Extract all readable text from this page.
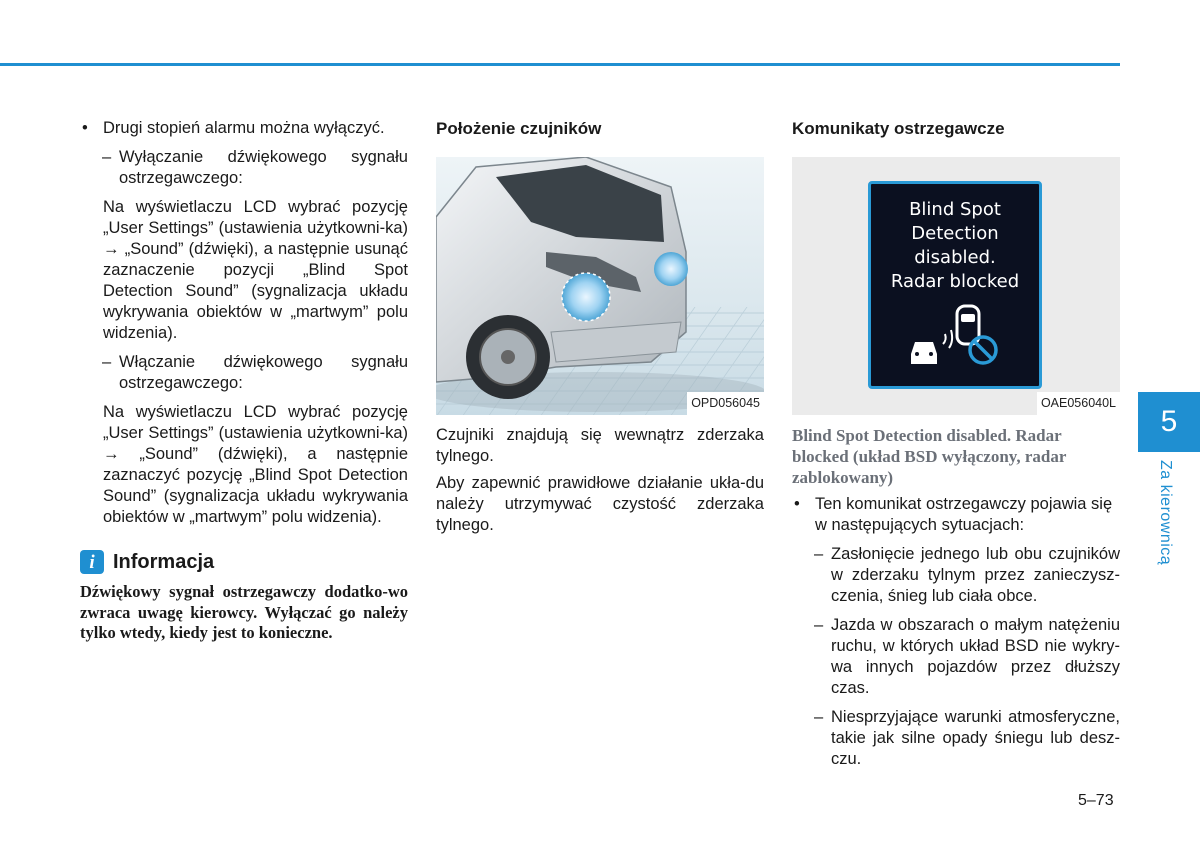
• Drugi stopień alarmu można wyłączyć.
– Wyłączanie dźwiękowego sygnału ostrzegawczego:
Na wyświetlaczu LCD wybrać pozycję „User Settings” (ustawienia użytkowni-ka) → „Sound” (dźwięki), a następnie usunąć zaznaczenie pozycji „Blind Spot Detection Sound” (sygnalizacja układu wykrywania obiektów w „martwym” polu widzenia).
– Włączanie dźwiękowego sygnału ostrzegawczego:
Na wyświetlaczu LCD wybrać pozycję „User Settings” (ustawienia użytkowni-ka) → „Sound” (dźwięki), a następnie zaznaczyć pozycję „Blind Spot Detection Sound” (sygnalizacja układu wykrywania obiektów w „martwym” polu widzenia).
i Informacja
Dźwiękowy sygnał ostrzegawczy dodatko-wo zwraca uwagę kierowcy. Wyłączać go należy tylko wtedy, kiedy jest to konieczne.
Położenie czujników
OPD056045
Czujniki znajdują się wewnątrz zderzaka tylnego.
Aby zapewnić prawidłowe działanie ukła-du należy utrzymywać czystość zderzaka tylnego.
Komunikaty ostrzegawcze
Blind Spot
Detection
disabled.
Radar blocked
OAE056040L
Blind Spot Detection disabled. Radar blocked (układ BSD wyłączony, radar zablokowany)
• Ten komunikat ostrzegawczy pojawia się w następujących sytuacjach:
– Zasłonięcie jednego lub obu czujników w zderzaku tylnym przez zanieczysz-czenia, śnieg lub ciała obce.
– Jazda w obszarach o małym natężeniu ruchu, w których układ BSD nie wykry-wa innych pojazdów przez dłuższy czas.
– Niesprzyjające warunki atmosferyczne, takie jak silne opady śniegu lub desz-czu.
5–73
5
Za kierownicą
